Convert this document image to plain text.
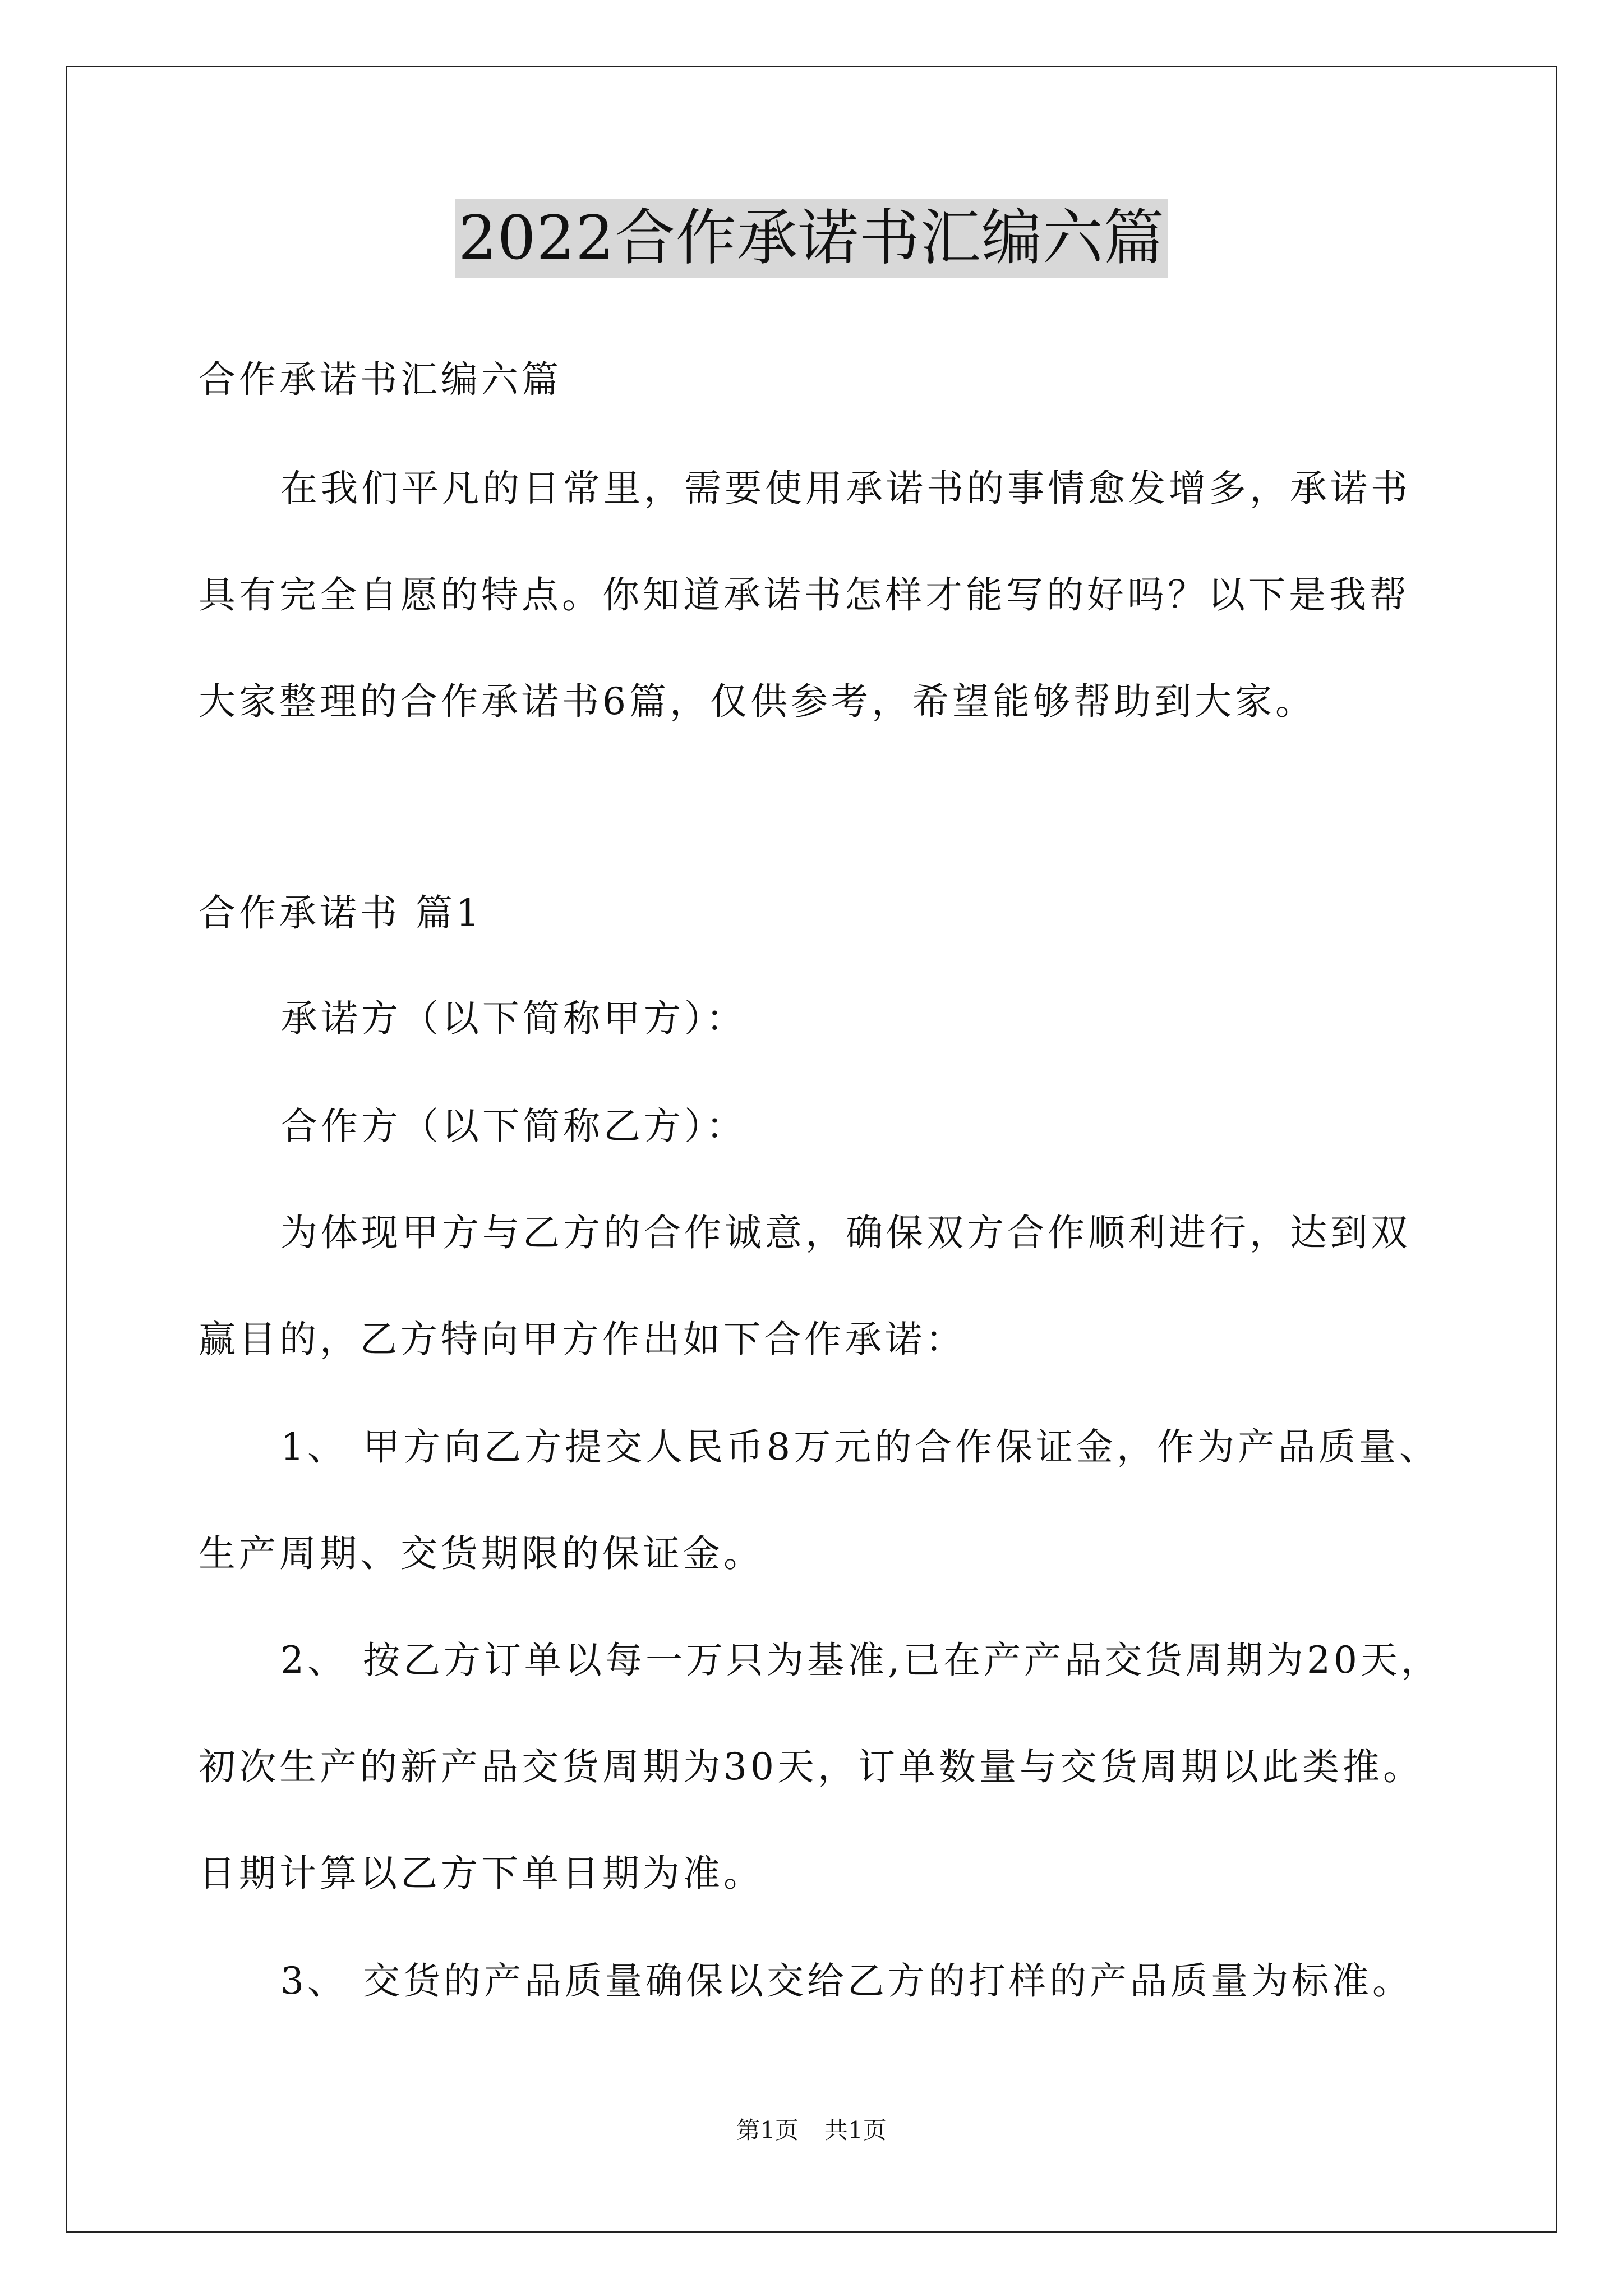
2022合作承诺书汇编六篇
合作承诺书汇编六篇
在我们平凡的日常里，需要使用承诺书的事情愈发增多，承诺书
具有完全自愿的特点。你知道承诺书怎样才能写的好吗？以下是我帮
大家整理的合作承诺书6篇，仅供参考，希望能够帮助到大家。
合作承诺书 篇1
承诺方（以下简称甲方）：
合作方（以下简称乙方）：
为体现甲方与乙方的合作诚意，确保双方合作顺利进行，达到双
赢目的，乙方特向甲方作出如下合作承诺：
1、 甲方向乙方提交人民币8万元的合作保证金，作为产品质量、
生产周期、交货期限的保证金。
2、 按乙方订单以每一万只为基准,已在产产品交货周期为20天，
初次生产的新产品交货周期为30天，订单数量与交货周期以此类推。
日期计算以乙方下单日期为准。
3、 交货的产品质量确保以交给乙方的打样的产品质量为标准。
第1页 共1页
